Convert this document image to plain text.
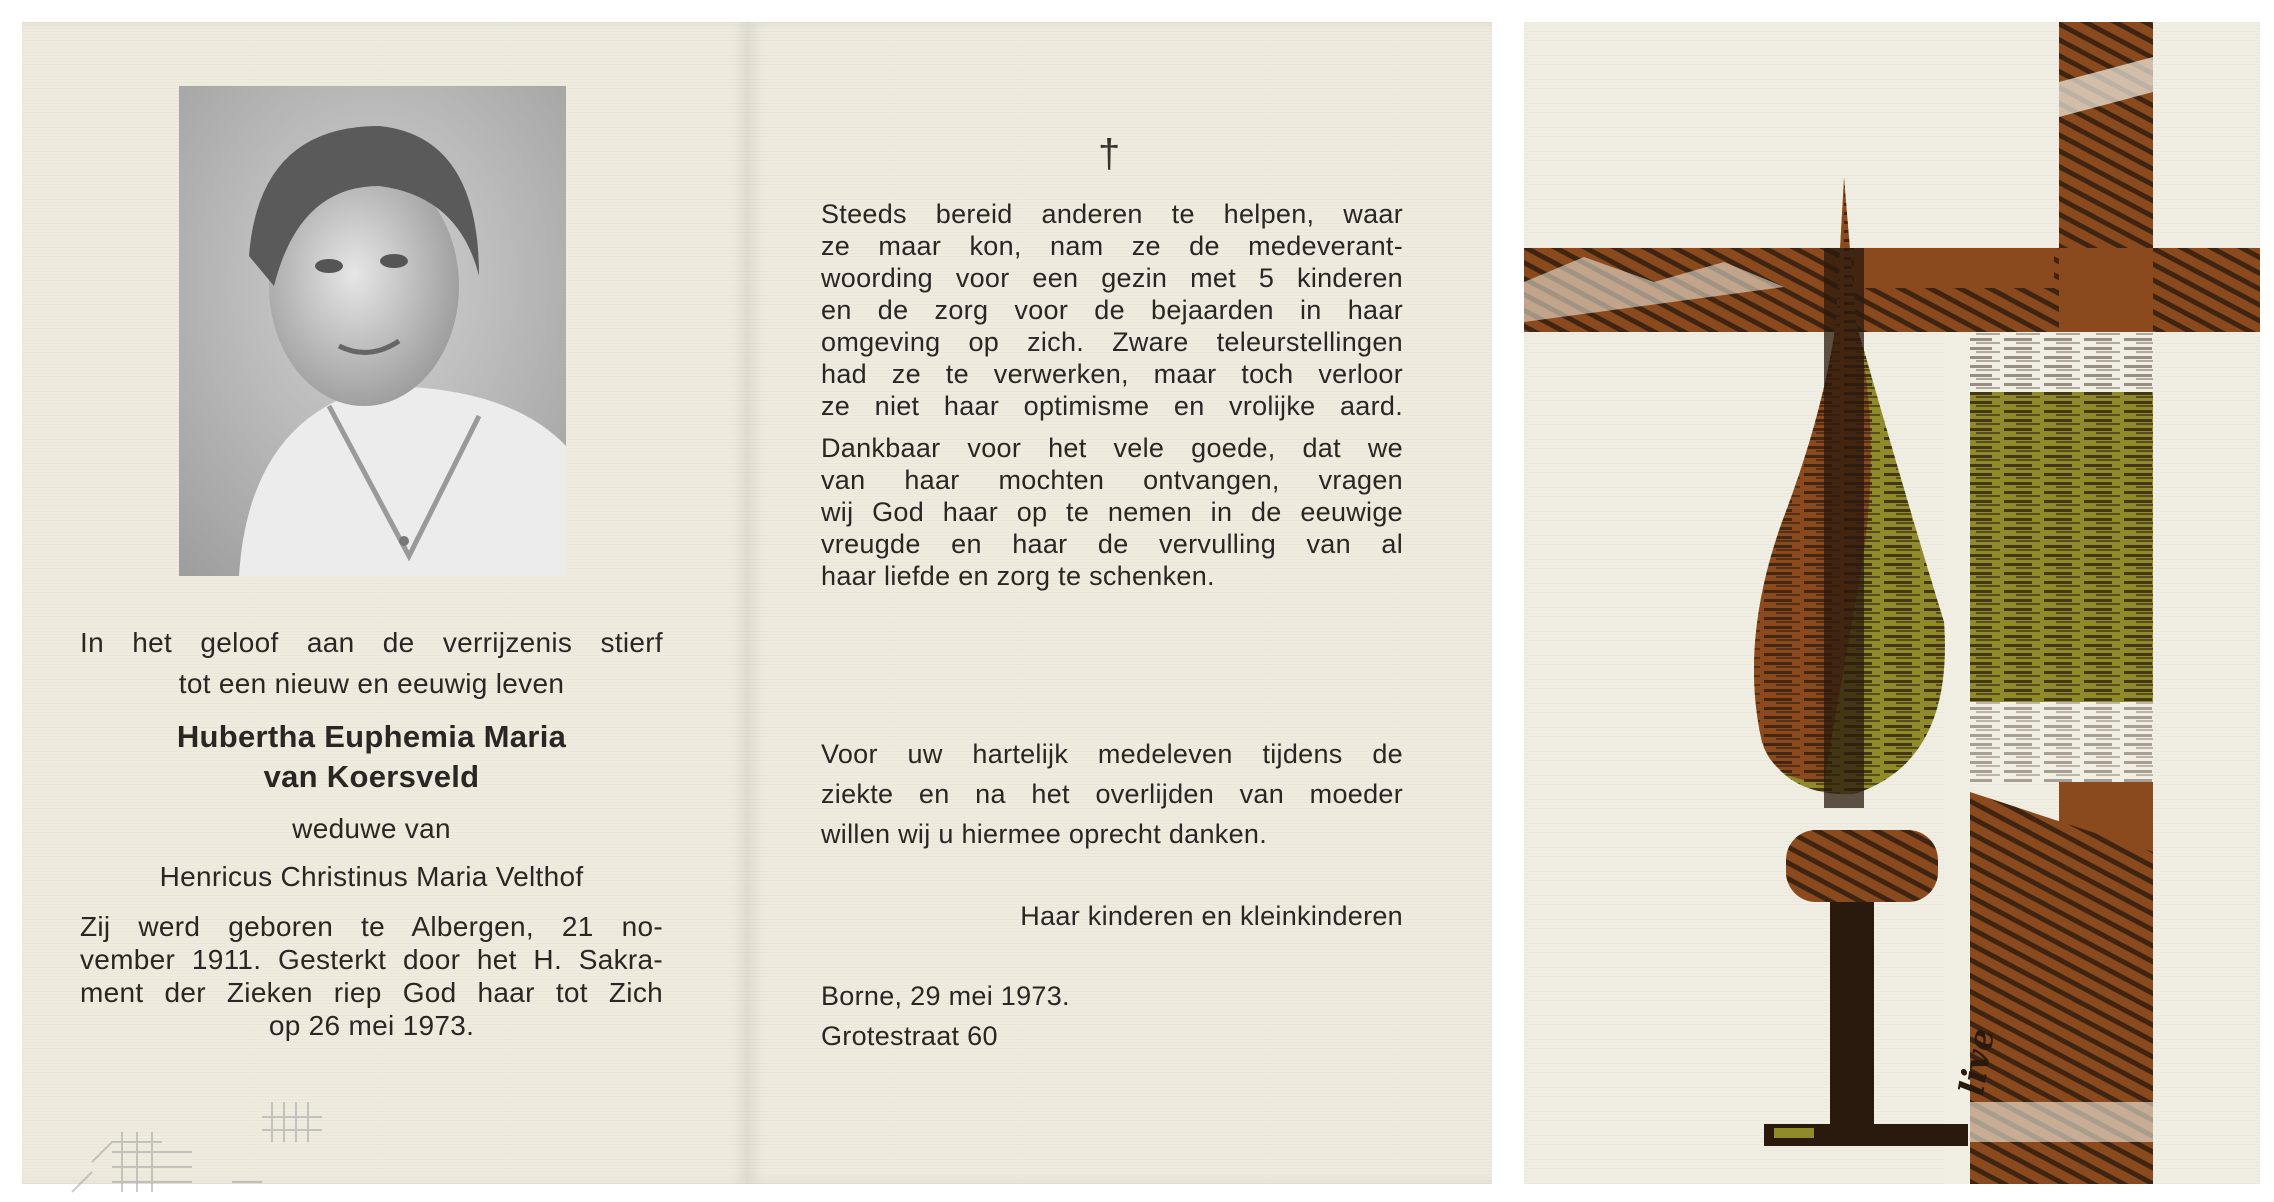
In het geloof aan de verrijzenis stierf
tot een nieuw en eeuwig leven
Hubertha Euphemia Maria
van Koersveld
weduwe van
Henricus Christinus Maria Velthof
Zij werd geboren te Albergen, 21 no-
vember 1911. Gesterkt door het H. Sakra-
ment der Zieken riep God haar tot Zich
op 26 mei 1973.
†
Steeds bereid anderen te helpen, waar
ze maar kon, nam ze de medeverant-
woording voor een gezin met 5 kinderen
en de zorg voor de bejaarden in haar
omgeving op zich. Zware teleurstellingen
had ze te verwerken, maar toch verloor
ze niet haar optimisme en vrolijke aard.
Dankbaar voor het vele goede, dat we
van haar mochten ontvangen, vragen
wij God haar op te nemen in de eeuwige
vreugde en haar de vervulling van al
haar liefde en zorg te schenken.
Voor uw hartelijk medeleven tijdens de
ziekte en na het overlijden van moeder
willen wij u hiermee oprecht danken.
Haar kinderen en kleinkinderen
Borne, 29 mei 1973.
Grotestraat 60	live
